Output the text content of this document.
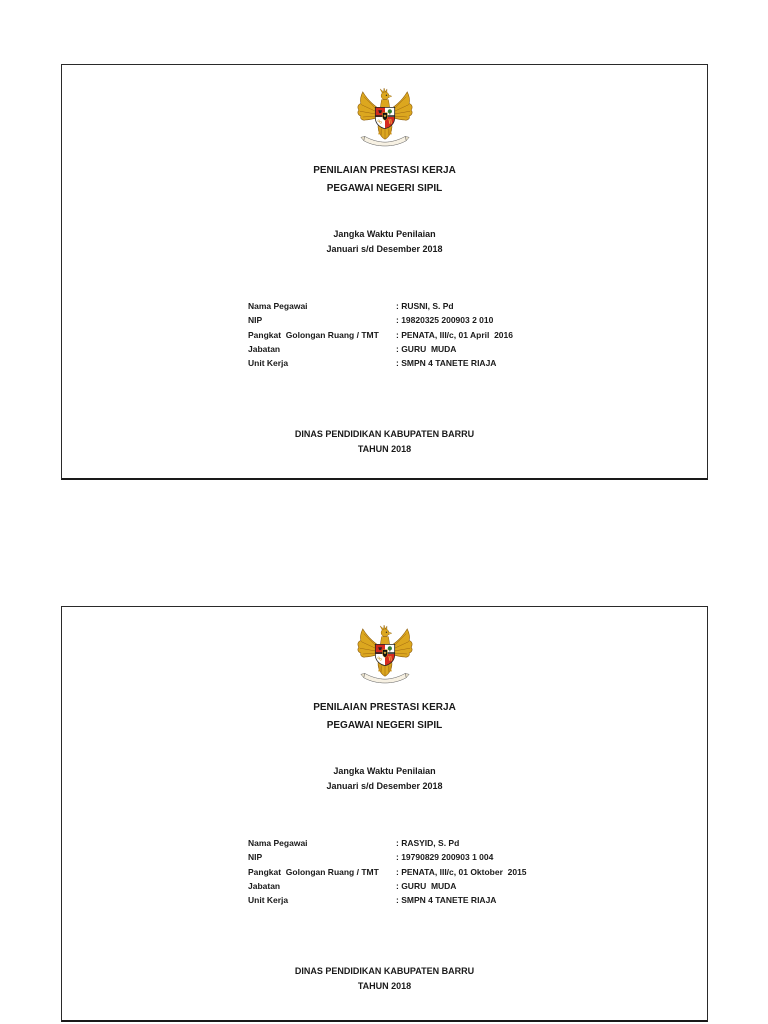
PENILAIAN PRESTASI KERJA
PEGAWAI NEGERI SIPIL
Jangka Waktu Penilaian
Januari s/d Desember 2018
Nama Pegawai	: RUSNI, S. Pd
NIP	: 19820325 200903 2 010
Pangkat  Golongan Ruang / TMT : PENATA, III/c, 01 April  2016
Jabatan	: GURU  MUDA
Unit Kerja	: SMPN 4 TANETE RIAJA
DINAS PENDIDIKAN KABUPATEN BARRU
TAHUN 2018
PENILAIAN PRESTASI KERJA
PEGAWAI NEGERI SIPIL
Jangka Waktu Penilaian
Januari s/d Desember 2018
Nama Pegawai	: RASYID, S. Pd
NIP	: 19790829 200903 1 004
Pangkat  Golongan Ruang / TMT : PENATA, III/c, 01 Oktober  2015
Jabatan	: GURU  MUDA
Unit Kerja	: SMPN 4 TANETE RIAJA
DINAS PENDIDIKAN KABUPATEN BARRU
TAHUN 2018
